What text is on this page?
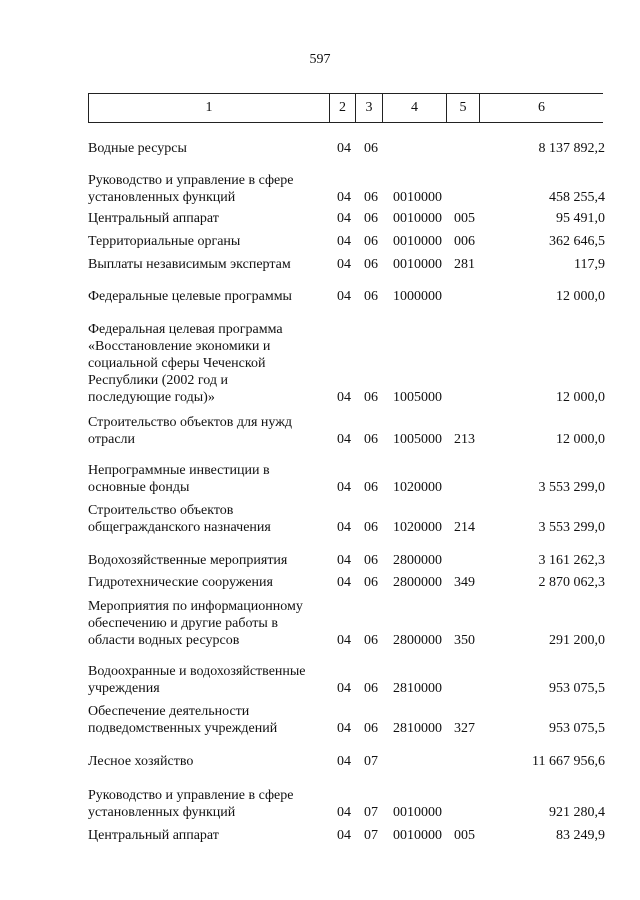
597
1	2	3	4	5	6
Водные ресурсы	04 06	8 137 892,2
Руководство и управление в сфере
установленных функций	04 06	0010000	458 255,4
Центральный аппарат	04 06	0010000 005	95 491,0
Территориальные органы	04 06	0010000 006	362 646,5
Выплаты независимым экспертам	04 06	0010000 281	117,9
Федеральные целевые программы	04 06	1000000	12 000,0
Федеральная целевая программа
«Восстановление экономики и
социальной сферы Чеченской
Республики (2002 год и
последующие годы)»	04 06	1005000	12 000,0
Строительство объектов для нужд
отрасли	04 06	1005000 213	12 000,0
Непрограммные инвестиции в
основные фонды	04 06	1020000	3 553 299,0
Строительство объектов
общегражданского назначения	04 06	1020000 214	3 553 299,0
Водохозяйственные мероприятия	04 06	2800000	3 161 262,3
Гидротехнические сооружения	04 06	2800000 349	2 870 062,3
Мероприятия по информационному
обеспечению и другие работы в
области водных ресурсов	04 06	2800000 350	291 200,0
Водоохранные и водохозяйственные
учреждения	04 06	2810000	953 075,5
Обеспечение деятельности
подведомственных учреждений	04 06	2810000 327	953 075,5
Лесное хозяйство	04 07	11 667 956,6
Руководство и управление в сфере
установленных функций	04 07	0010000	921 280,4
Центральный аппарат	04 07	0010000 005	83 249,9
